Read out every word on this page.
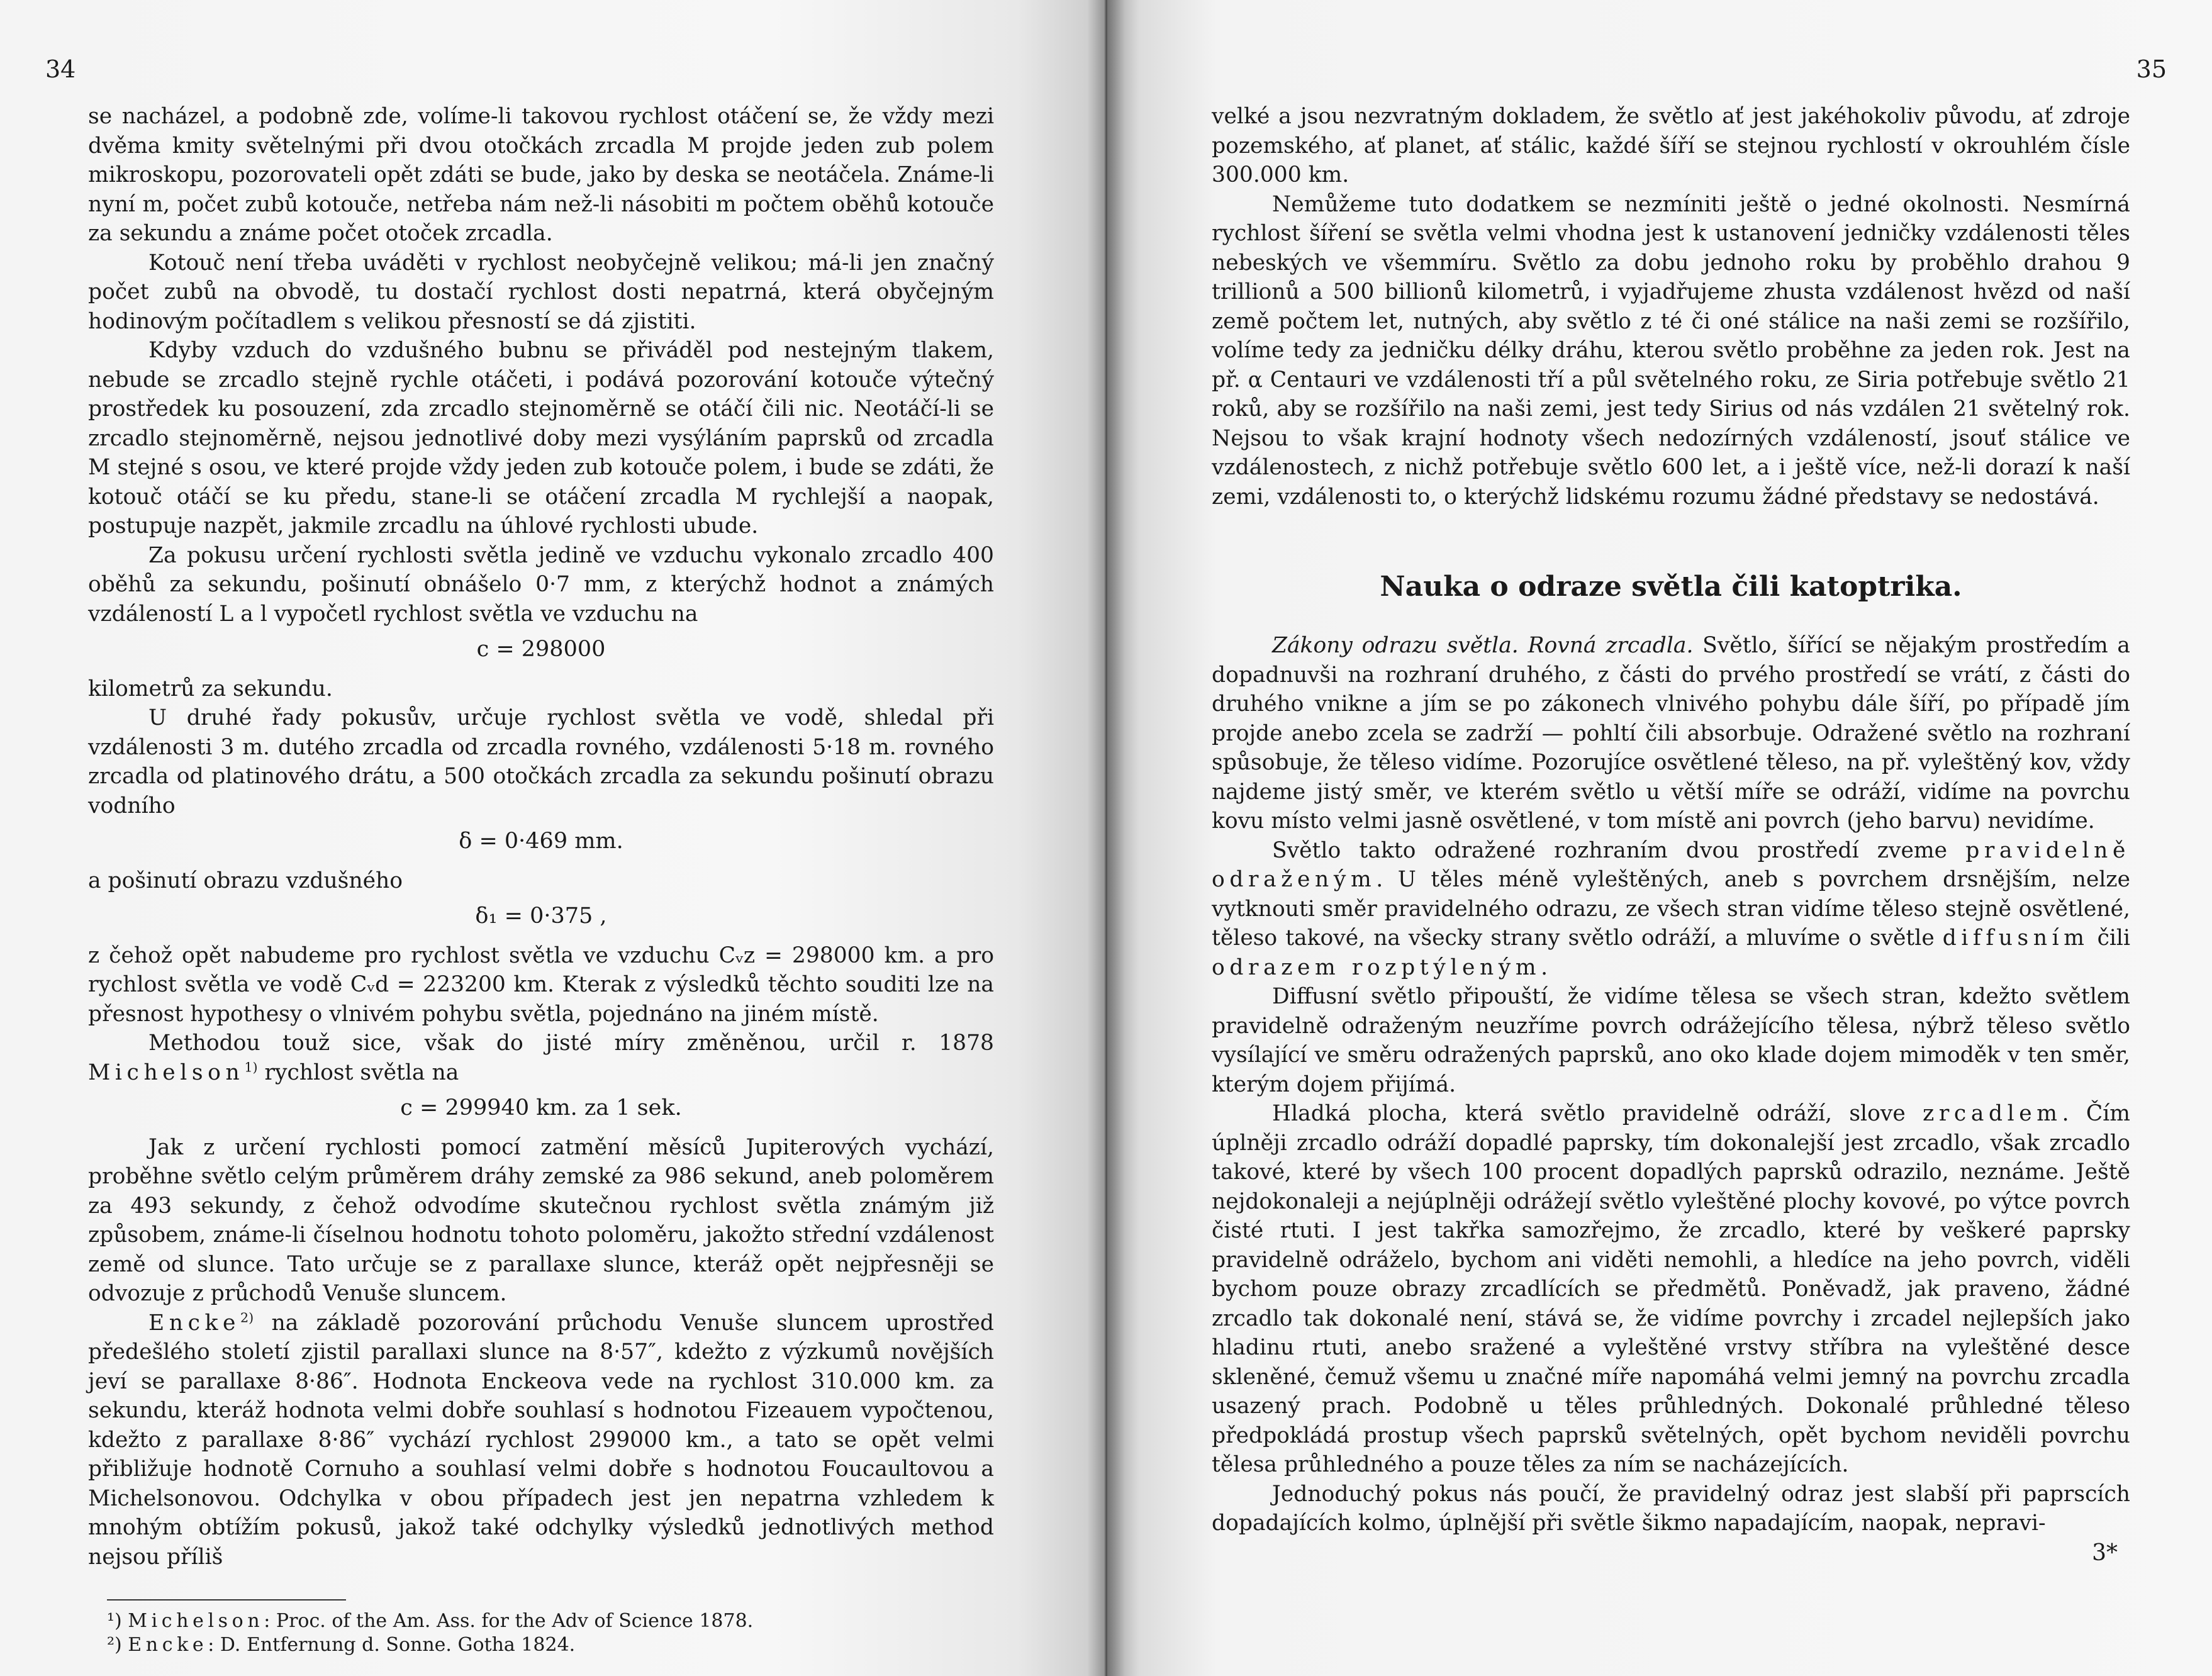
34

se nacházel, a podobně zde, volíme-li takovou rychlost otáčení se, že vždy mezi dvěma kmity světelnými při dvou otočkách zrcadla M projde jeden zub polem mikroskopu, pozorovateli opět zdáti se bude, jako by deska se neotáčela. Známe-li nyní m, počet zubů kotouče, netřeba nám než-li násobiti m počtem oběhů kotouče za sekundu a známe počet otoček zrcadla.

Kotouč není třeba uváděti v rychlost neobyčejně velikou; má-li jen značný počet zubů na obvodě, tu dostačí rychlost dosti nepatrná, která obyčejným hodinovým počítadlem s velikou přesností se dá zjistiti.

Kdyby vzduch do vzdušného bubnu se přiváděl pod nestejným tlakem, nebude se zrcadlo stejně rychle otáčeti, i podává pozorování kotouče výtečný prostředek ku posouzení, zda zrcadlo stejnoměrně se otáčí čili nic. Neotáčí-li se zrcadlo stejnoměrně, nejsou jednotlivé doby mezi vysýláním paprsků od zrcadla M stejné s osou, ve které projde vždy jeden zub kotouče polem, i bude se zdáti, že kotouč otáčí se ku předu, stane-li se otáčení zrcadla M rychlejší a naopak, postupuje nazpět, jakmile zrcadlu na úhlové rychlosti ubude.

Za pokusu určení rychlosti světla jedině ve vzduchu vykonalo zrcadlo 400 oběhů za sekundu, pošinutí obnášelo 0·7 mm, z kterýchž hodnot a známých vzdáleností L a l vypočetl rychlost světla ve vzduchu na

c = 298000

kilometrů za sekundu.

U druhé řady pokusův, určuje rychlost světla ve vodě, shledal při vzdálenosti 3 m. dutého zrcadla od zrcadla rovného, vzdálenosti 5·18 m. rovného zrcadla od platinového drátu, a 500 otočkách zrcadla za sekundu pošinutí obrazu vodního

δ = 0·469 mm.

a pošinutí obrazu vzdušného

δ₁ = 0·375 ,

z čehož opět nabudeme pro rychlost světla ve vzduchu Cᵥz = 298000 km. a pro rychlost světla ve vodě Cᵥd = 223200 km. Kterak z výsledků těchto souditi lze na přesnost hypothesy o vlnivém pohybu světla, pojednáno na jiném místě.

Methodou touž sice, však do jisté míry změněnou, určil r. 1878 Michelson$^{1)}$ rychlost světla na

c = 299940 km. za 1 sek.

Jak z určení rychlosti pomocí zatmění měsíců Jupiterových vychází, proběhne světlo celým průměrem dráhy zemské za 986 sekund, aneb poloměrem za 493 sekundy, z čehož odvodíme skutečnou rychlost světla známým již způsobem, známe-li číselnou hodnotu tohoto poloměru, jakožto střední vzdálenost země od slunce. Tato určuje se z parallaxe slunce, kteráž opět nejpřesněji se odvozuje z průchodů Venuše sluncem.

Encke$^{2)}$ na základě pozorování průchodu Venuše sluncem uprostřed předešlého století zjistil parallaxi slunce na 8·57″, kdežto z výzkumů novějších jeví se parallaxe 8·86″. Hodnota Enckeova vede na rychlost 310.000 km. za sekundu, kteráž hodnota velmi dobře souhlasí s hodnotou Fizeauem vypočtenou, kdežto z parallaxe 8·86″ vychází rychlost 299000 km., a tato se opět velmi přibližuje hodnotě Cornuho a souhlasí velmi dobře s hodnotou Foucaultovou a Michelsonovou. Odchylka v obou případech jest jen nepatrna vzhledem k mnohým obtížím pokusů, jakož také odchylky výsledků jednotlivých method nejsou příliš

¹) Michelson: Proc. of the Am. Ass. for the Adv of Science 1878.
²) Encke: D. Entfernung d. Sonne. Gotha 1824.
35

velké a jsou nezvratným dokladem, že světlo ať jest jakéhokoliv původu, ať zdroje pozemského, ať planet, ať stálic, každé šíří se stejnou rychlostí v okrouhlém čísle 300.000 km.

Nemůžeme tuto dodatkem se nezmíniti ještě o jedné okolnosti. Nesmírná rychlost šíření se světla velmi vhodna jest k ustanovení jedničky vzdálenosti těles nebeských ve všemmíru. Světlo za dobu jednoho roku by proběhlo drahou 9 trillionů a 500 billionů kilometrů, i vyjadřujeme zhusta vzdálenost hvězd od naší země počtem let, nutných, aby světlo z té či oné stálice na naši zemi se rozšířilo, volíme tedy za jedničku délky dráhu, kterou světlo proběhne za jeden rok. Jest na př. α Centauri ve vzdálenosti tří a půl světelného roku, ze Siria potřebuje světlo 21 roků, aby se rozšířilo na naši zemi, jest tedy Sirius od nás vzdálen 21 světelný rok. Nejsou to však krajní hodnoty všech nedozírných vzdáleností, jsouť stálice ve vzdálenostech, z nichž potřebuje světlo 600 let, a i ještě více, než-li dorazí k naší zemi, vzdálenosti to, o kterýchž lidskému rozumu žádné představy se nedostává.

Nauka o odraze světla čili katoptrika.

Zákony odrazu světla. Rovná zrcadla. Světlo, šířící se nějakým prostředím a dopadnuvši na rozhraní druhého, z části do prvého prostředí se vrátí, z části do druhého vnikne a jím se po zákonech vlnivého pohybu dále šíří, po případě jím projde anebo zcela se zadrží — pohltí čili absorbuje. Odražené světlo na rozhraní spůsobuje, že těleso vidíme. Pozorujíce osvětlené těleso, na př. vyleštěný kov, vždy najdeme jistý směr, ve kterém světlo u větší míře se odráží, vidíme na povrchu kovu místo velmi jasně osvětlené, v tom místě ani povrch (jeho barvu) nevidíme.

Světlo takto odražené rozhraním dvou prostředí zveme pravidelně odraženým. U těles méně vyleštěných, aneb s povrchem drsnějším, nelze vytknouti směr pravidelného odrazu, ze všech stran vidíme těleso stejně osvětlené, těleso takové, na všecky strany světlo odráží, a mluvíme o světle diffusním čili odrazem rozptýleným.

Diffusní světlo připouští, že vidíme tělesa se všech stran, kdežto světlem pravidelně odraženým neuzříme povrch odrážejícího tělesa, nýbrž těleso světlo vysílající ve směru odražených paprsků, ano oko klade dojem mimoděk v ten směr, kterým dojem přijímá.

Hladká plocha, která světlo pravidelně odráží, slove zrcadlem. Čím úplněji zrcadlo odráží dopadlé paprsky, tím dokonalejší jest zrcadlo, však zrcadlo takové, které by všech 100 procent dopadlých paprsků odrazilo, neznáme. Ještě nejdokonaleji a nejúplněji odrážejí světlo vyleštěné plochy kovové, po výtce povrch čisté rtuti. I jest takřka samozřejmo, že zrcadlo, které by veškeré paprsky pravidelně odráželo, bychom ani viděti nemohli, a hledíce na jeho povrch, viděli bychom pouze obrazy zrcadlících se předmětů. Poněvadž, jak praveno, žádné zrcadlo tak dokonalé není, stává se, že vidíme povrchy i zrcadel nejlepších jako hladinu rtuti, anebo sražené a vyleštěné vrstvy stříbra na vyleštěné desce skleněné, čemuž všemu u značné míře napomáhá velmi jemný na povrchu zrcadla usazený prach. Podobně u těles průhledných. Dokonalé průhledné těleso předpokládá prostup všech paprsků světelných, opět bychom neviděli povrchu tělesa průhledného a pouze těles za ním se nacházejících.

Jednoduchý pokus nás poučí, že pravidelný odraz jest slabší při paprscích dopadajících kolmo, úplnější při světle šikmo napadajícím, naopak, nepravi-

3*
